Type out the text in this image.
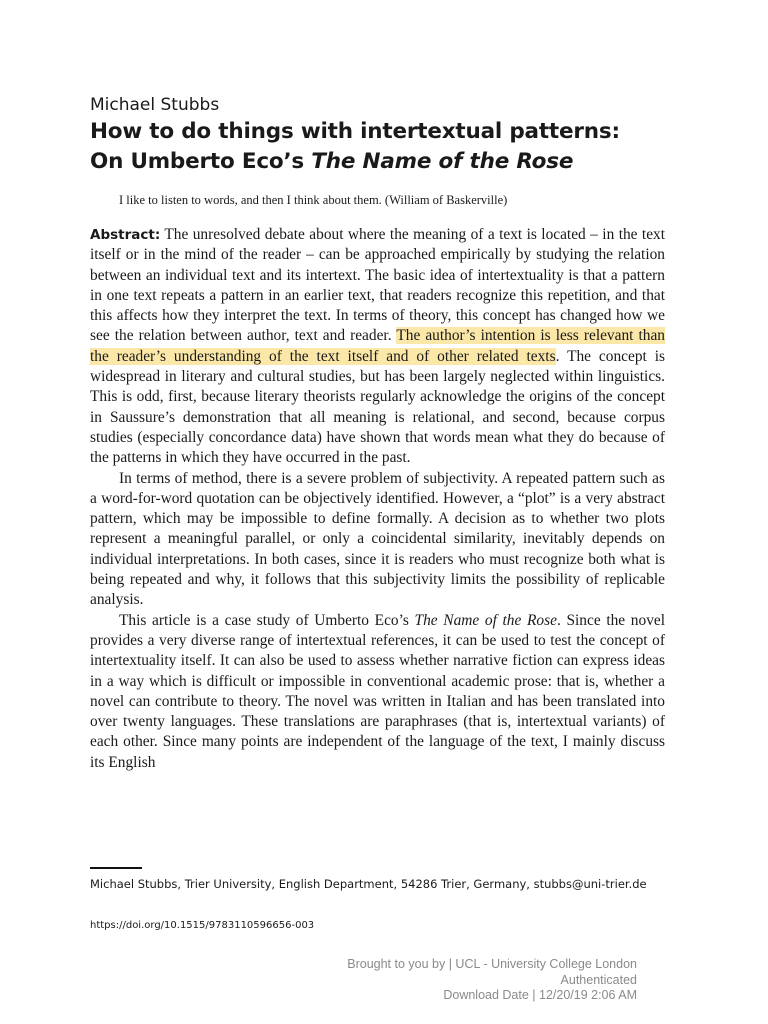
Michael Stubbs
How to do things with intertextual patterns:
On Umberto Eco’s The Name of the Rose
I like to listen to words, and then I think about them. (William of Baskerville)

Abstract: The unresolved debate about where the meaning of a text is located – in the text itself or in the mind of the reader – can be approached empirically by studying the relation between an individual text and its intertext. The basic idea of intertextuality is that a pattern in one text repeats a pattern in an earlier text, that readers recognize this repetition, and that this affects how they interpret the text. In terms of theory, this concept has changed how we see the relation between author, text and reader. The author’s intention is less relevant than the reader’s understanding of the text itself and of other related texts. The concept is widespread in literary and cultural studies, but has been largely neglected within linguistics. This is odd, first, because literary theorists regularly acknowledge the origins of the concept in Saussure’s demonstration that all meaning is relational, and second, because corpus studies (especially concordance data) have shown that words mean what they do because of the patterns in which they have occurred in the past.

In terms of method, there is a severe problem of subjectivity. A repeated pattern such as a word-for-word quotation can be objectively identified. However, a “plot” is a very abstract pattern, which may be impossible to define formally. A decision as to whether two plots represent a meaningful parallel, or only a coincidental similarity, inevitably depends on individual interpretations. In both cases, since it is readers who must recognize both what is being repeated and why, it follows that this subjectivity limits the possibility of replicable analysis.

This article is a case study of Umberto Eco’s The Name of the Rose. Since the novel provides a very diverse range of intertextual references, it can be used to test the concept of intertextuality itself. It can also be used to assess whether narrative fiction can express ideas in a way which is difficult or impossible in conventional academic prose: that is, whether a novel can contribute to theory. The novel was written in Italian and has been translated into over twenty languages. These translations are paraphrases (that is, intertextual variants) of each other. Since many points are independent of the language of the text, I mainly discuss its English

Michael Stubbs, Trier University, English Department, 54286 Trier, Germany, stubbs@uni-trier.de
https://doi.org/10.1515/9783110596656-003
Brought to you by | UCL - University College London
Authenticated
Download Date | 12/20/19 2:06 AM
